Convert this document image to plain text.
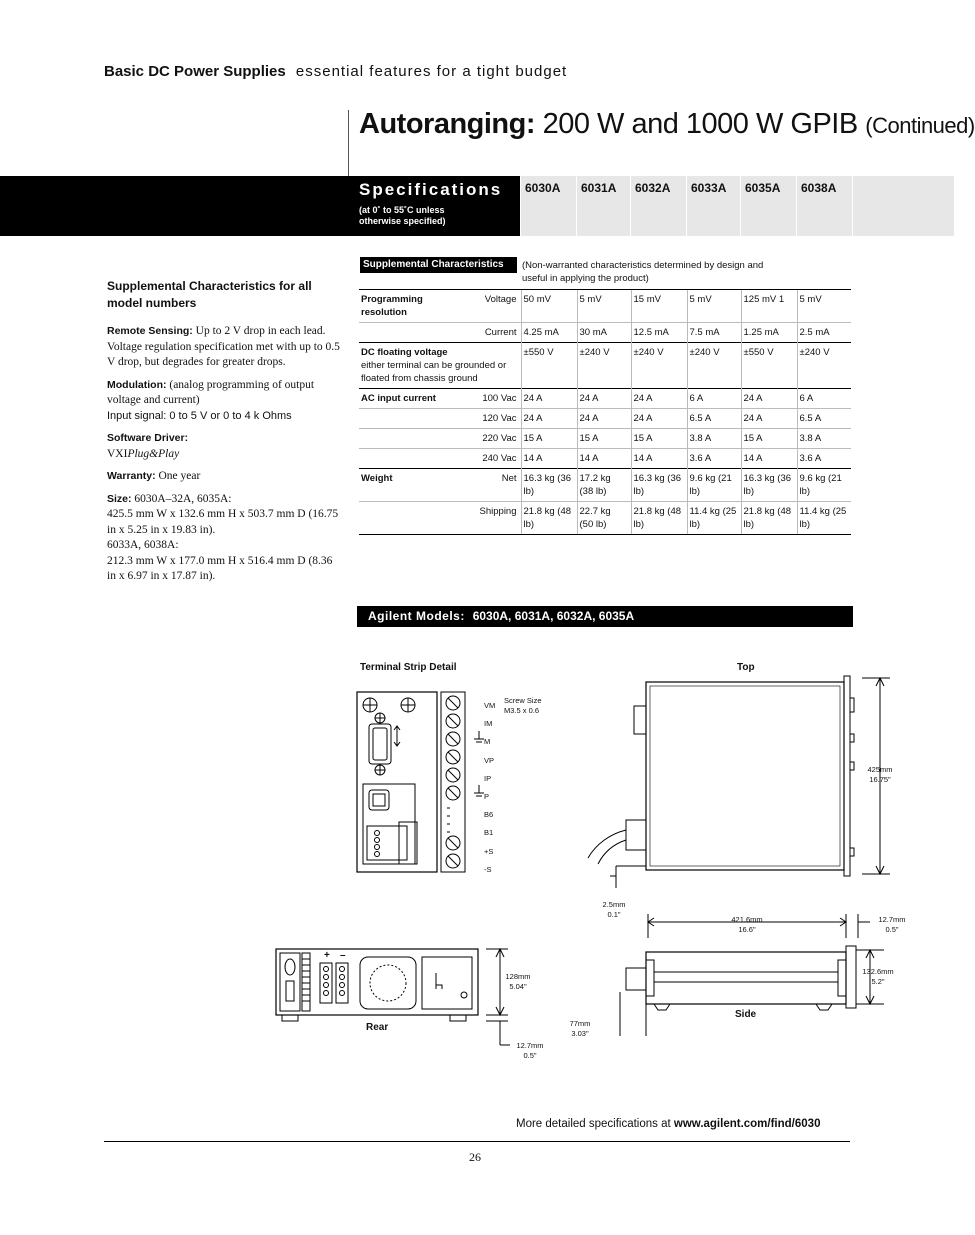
Basic DC Power Supplies essential features for a tight budget
Autoranging: 200 W and 1000 W GPIB (Continued)
6030A	6031A	6032A	6033A	6035A	6038A
Specifications
(at 0˚ to 55˚C unless otherwise specified)
Supplemental Characteristics for all model numbers

Remote Sensing: Up to 2 V drop in each lead. Voltage regulation specification met with up to 0.5 V drop, but degrades for greater drops.

Modulation: (analog programming of output voltage and current)
Input signal: 0 to 5 V or 0 to 4 k Ohms

Software Driver:
VXIPlug&Play

Warranty: One year

Size: 6030A–32A, 6035A:
425.5 mm W x 132.6 mm H x 503.7 mm D (16.75 in x 5.25 in x 19.83 in).
6033A, 6038A:
212.3 mm W x 177.0 mm H x 516.4 mm D (8.36 in x 6.97 in x 17.87 in).

Supplemental Characteristics	(Non-warranted characteristics determined by design and useful in applying the product)
Programming resolution	Voltage	50 mV	5 mV	15 mV	5 mV	125 mV 1	5 mV
	Current	4.25 mA	30 mA	12.5 mA	7.5 mA	1.25 mA	2.5 mA
DC floating voltage
either terminal can be grounded or floated from chassis ground		±550 V	±240 V	±240 V	±240 V	±550 V	±240 V
AC input current	100 Vac	24 A	24 A	24 A	6 A	24 A	6 A
	120 Vac	24 A	24 A	24 A	6.5 A	24 A	6.5 A
	220 Vac	15 A	15 A	15 A	3.8 A	15 A	3.8 A
	240 Vac	14 A	14 A	14 A	3.6 A	14 A	3.6 A
Weight	Net	16.3 kg (36 lb)	17.2 kg (38 lb)	16.3 kg (36 lb)	9.6 kg (21 lb)	16.3 kg (36 lb)	9.6 kg (21 lb)
	Shipping	21.8 kg (48 lb)	22.7 kg (50 lb)	21.8 kg (48 lb)	11.4 kg (25 lb)	21.8 kg (48 lb)	11.4 kg (25 lb)
Agilent Models: 6030A, 6031A, 6032A, 6035A
Terminal Strip Detail	Top
VM
IM
M
VP
IP
P
B6
B1
+S
-S
Screw Size M3.5 x 0.6
425mm 16.75"
2.5mm 0.1"
421.6mm 16.6"
12.7mm 0.5"
132.6mm 5.2"
77mm 3.03"
Side
+ –
128mm 5.04"
12.7mm 0.5"
Rear
More detailed specifications at www.agilent.com/find/6030
26
